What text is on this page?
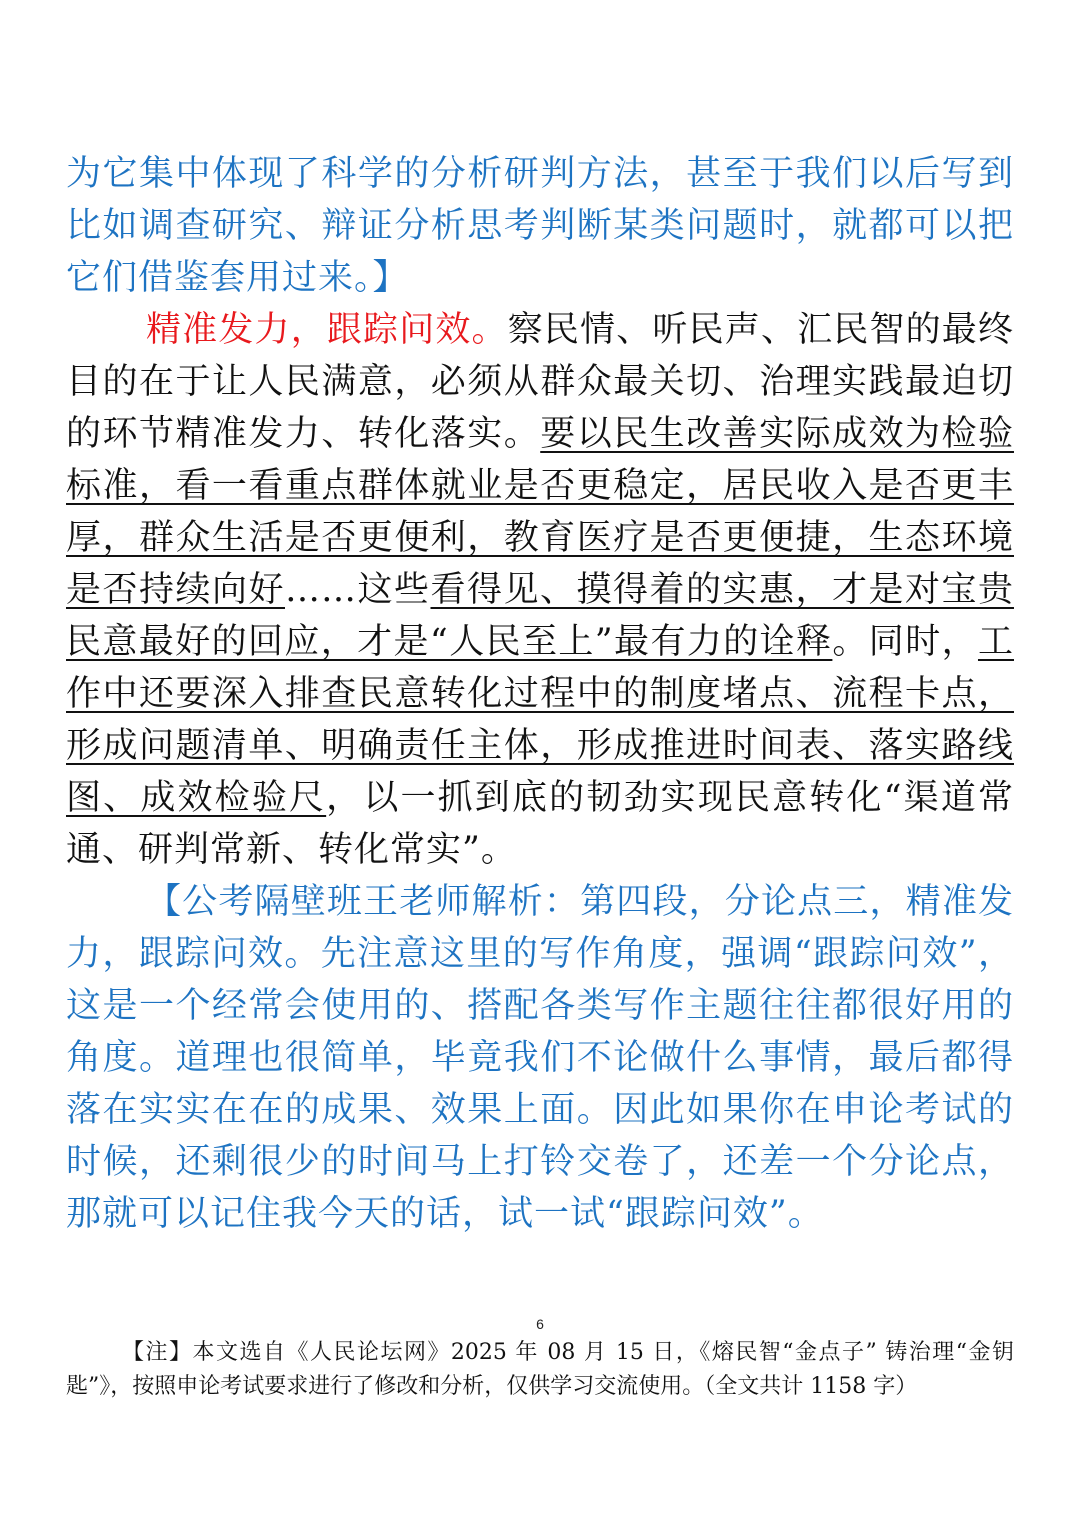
为它集中体现了科学的分析研判方法，甚至于我们以后写到比如调查研究、辩证分析思考判断某类问题时，就都可以把它们借鉴套用过来。】

精准发力，跟踪问效。察民情、听民声、汇民智的最终目的在于让人民满意，必须从群众最关切、治理实践最迫切的环节精准发力、转化落实。要以民生改善实际成效为检验标准，看一看重点群体就业是否更稳定，居民收入是否更丰厚，群众生活是否更便利，教育医疗是否更便捷，生态环境是否持续向好……这些看得见、摸得着的实惠，才是对宝贵民意最好的回应，才是“人民至上”最有力的诠释。同时，工作中还要深入排查民意转化过程中的制度堵点、流程卡点，形成问题清单、明确责任主体，形成推进时间表、落实路线图、成效检验尺，以一抓到底的韧劲实现民意转化“渠道常通、研判常新、转化常实”。

【公考隔壁班王老师解析：第四段，分论点三，精准发力，跟踪问效。先注意这里的写作角度，强调“跟踪问效”，这是一个经常会使用的、搭配各类写作主题往往都很好用的角度。道理也很简单，毕竟我们不论做什么事情，最后都得落在实实在在的成果、效果上面。因此如果你在申论考试的时候，还剩很少的时间马上打铃交卷了，还差一个分论点，那就可以记住我今天的话，试一试“跟踪问效”。

6

【注】本文选自《人民论坛网》2025 年 08 月 15 日，《熔民智“金点子” 铸治理“金钥匙”》，按照申论考试要求进行了修改和分析，仅供学习交流使用。（全文共计 1158 字）
